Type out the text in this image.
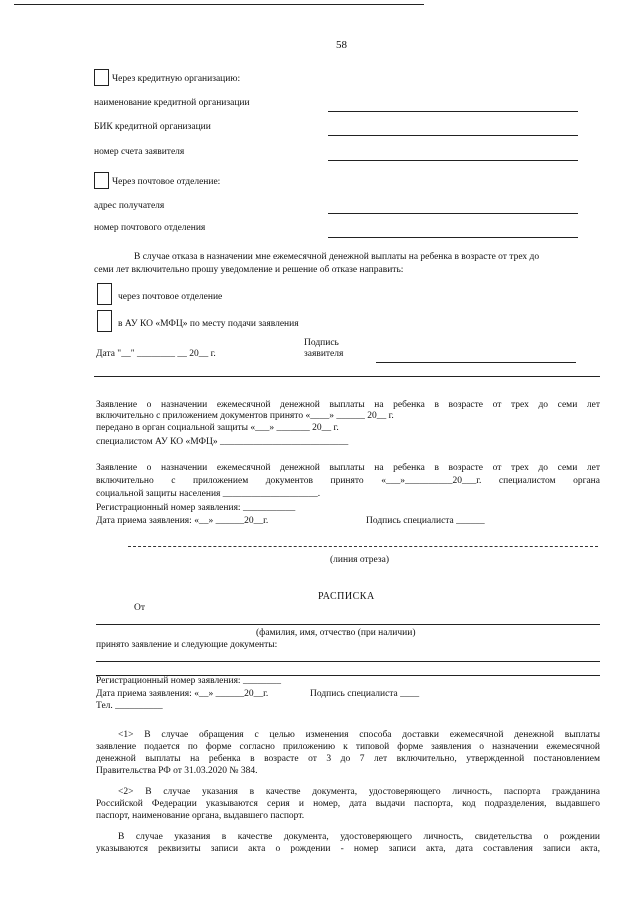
58
Через кредитную организацию:
наименование кредитной организации
БИК кредитной организации
номер счета заявителя
Через почтовое отделение:
адрес получателя
номер почтового отделения
В случае отказа в назначении мне ежемесячной денежной выплаты на ребенка в возрасте от трех до
семи лет включительно прошу уведомление и решение об отказе направить:
через почтовое отделение
в АУ КО «МФЦ» по месту подачи заявления
Дата "__" ________ __ 20__ г.
Подпись
заявителя
Заявление о назначении ежемесячной денежной выплаты на ребенка в возрасте от трех до семи лет
включительно с приложением документов принято «____» ______ 20__ г.
передано в орган социальной защиты «___» _______ 20__ г.
специалистом АУ КО «МФЦ» ___________________________
Заявление о назначении ежемесячной денежной выплаты на ребенка в возрасте от трех до семи лет
включительно с приложением документов принято «___»__________20___г. специалистом органа
социальной защиты населения ____________________.
Регистрационный номер заявления: ___________
Дата приема заявления: «__» ______20__г.	Подпись специалиста ______
(линия отреза)
РАСПИСКА
От
(фамилия, имя, отчество (при наличии)
принято заявление и следующие документы:
Регистрационный номер заявления: ________
Дата приема заявления: «__» ______20__г.	Подпись специалиста ____
Тел. __________
<1> В случае обращения с целью изменения способа доставки ежемесячной денежной выплаты
заявление подается по форме согласно приложению к типовой форме заявления о назначении ежемесячной
денежной выплаты на ребенка в возрасте от 3 до 7 лет включительно, утвержденной постановлением
Правительства РФ от 31.03.2020 № 384.
<2> В случае указания в качестве документа, удостоверяющего личность, паспорта гражданина
Российской Федерации указываются серия и номер, дата выдачи паспорта, код подразделения, выдавшего
паспорт, наименование органа, выдавшего паспорт.
В случае указания в качестве документа, удостоверяющего личность, свидетельства о рождении
указываются реквизиты записи акта о рождении - номер записи акта, дата составления записи акта,
